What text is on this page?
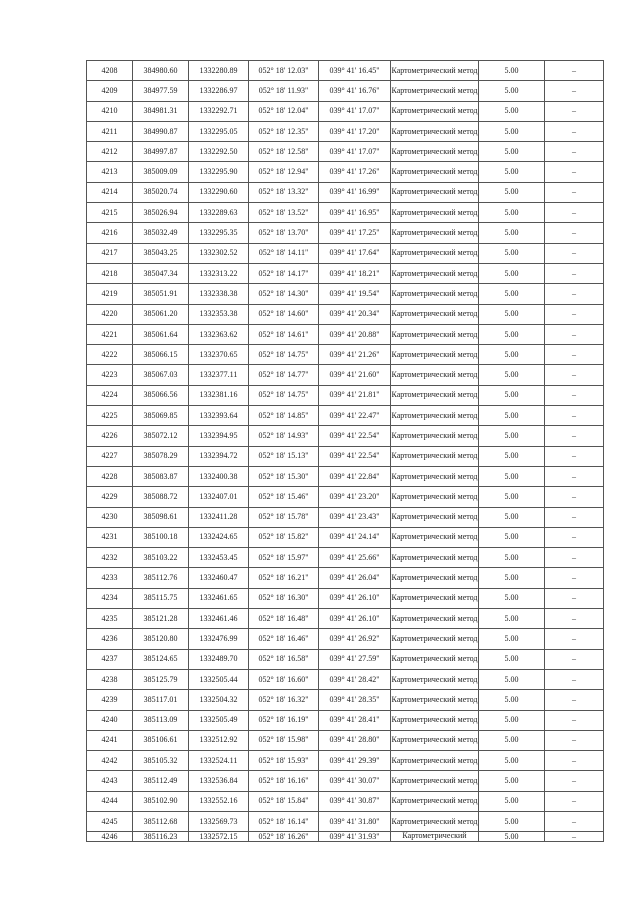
4208	384980.60	1332280.89	052° 18' 12.03"	039° 41' 16.45"	Картометрический метод	5.00	–
4209	384977.59	1332286.97	052° 18' 11.93"	039° 41' 16.76"	Картометрический метод	5.00	–
4210	384981.31	1332292.71	052° 18' 12.04"	039° 41' 17.07"	Картометрический метод	5.00	–
4211	384990.87	1332295.05	052° 18' 12.35"	039° 41' 17.20"	Картометрический метод	5.00	–
4212	384997.87	1332292.50	052° 18' 12.58"	039° 41' 17.07"	Картометрический метод	5.00	–
4213	385009.09	1332295.90	052° 18' 12.94"	039° 41' 17.26"	Картометрический метод	5.00	–
4214	385020.74	1332290.60	052° 18' 13.32"	039° 41' 16.99"	Картометрический метод	5.00	–
4215	385026.94	1332289.63	052° 18' 13.52"	039° 41' 16.95"	Картометрический метод	5.00	–
4216	385032.49	1332295.35	052° 18' 13.70"	039° 41' 17.25"	Картометрический метод	5.00	–
4217	385043.25	1332302.52	052° 18' 14.11"	039° 41' 17.64"	Картометрический метод	5.00	–
4218	385047.34	1332313.22	052° 18' 14.17"	039° 41' 18.21"	Картометрический метод	5.00	–
4219	385051.91	1332338.38	052° 18' 14.30"	039° 41' 19.54"	Картометрический метод	5.00	–
4220	385061.20	1332353.38	052° 18' 14.60"	039° 41' 20.34"	Картометрический метод	5.00	–
4221	385061.64	1332363.62	052° 18' 14.61"	039° 41' 20.88"	Картометрический метод	5.00	–
4222	385066.15	1332370.65	052° 18' 14.75"	039° 41' 21.26"	Картометрический метод	5.00	–
4223	385067.03	1332377.11	052° 18' 14.77"	039° 41' 21.60"	Картометрический метод	5.00	–
4224	385066.56	1332381.16	052° 18' 14.75"	039° 41' 21.81"	Картометрический метод	5.00	–
4225	385069.85	1332393.64	052° 18' 14.85"	039° 41' 22.47"	Картометрический метод	5.00	–
4226	385072.12	1332394.95	052° 18' 14.93"	039° 41' 22.54"	Картометрический метод	5.00	–
4227	385078.29	1332394.72	052° 18' 15.13"	039° 41' 22.54"	Картометрический метод	5.00	–
4228	385083.87	1332400.38	052° 18' 15.30"	039° 41' 22.84"	Картометрический метод	5.00	–
4229	385088.72	1332407.01	052° 18' 15.46"	039° 41' 23.20"	Картометрический метод	5.00	–
4230	385098.61	1332411.28	052° 18' 15.78"	039° 41' 23.43"	Картометрический метод	5.00	–
4231	385100.18	1332424.65	052° 18' 15.82"	039° 41' 24.14"	Картометрический метод	5.00	–
4232	385103.22	1332453.45	052° 18' 15.97"	039° 41' 25.66"	Картометрический метод	5.00	–
4233	385112.76	1332460.47	052° 18' 16.21"	039° 41' 26.04"	Картометрический метод	5.00	–
4234	385115.75	1332461.65	052° 18' 16.30"	039° 41' 26.10"	Картометрический метод	5.00	–
4235	385121.28	1332461.46	052° 18' 16.48"	039° 41' 26.10"	Картометрический метод	5.00	–
4236	385120.80	1332476.99	052° 18' 16.46"	039° 41' 26.92"	Картометрический метод	5.00	–
4237	385124.65	1332489.70	052° 18' 16.58"	039° 41' 27.59"	Картометрический метод	5.00	–
4238	385125.79	1332505.44	052° 18' 16.60"	039° 41' 28.42"	Картометрический метод	5.00	–
4239	385117.01	1332504.32	052° 18' 16.32"	039° 41' 28.35"	Картометрический метод	5.00	–
4240	385113.09	1332505.49	052° 18' 16.19"	039° 41' 28.41"	Картометрический метод	5.00	–
4241	385106.61	1332512.92	052° 18' 15.98"	039° 41' 28.80"	Картометрический метод	5.00	–
4242	385105.32	1332524.11	052° 18' 15.93"	039° 41' 29.39"	Картометрический метод	5.00	–
4243	385112.49	1332536.84	052° 18' 16.16"	039° 41' 30.07"	Картометрический метод	5.00	–
4244	385102.90	1332552.16	052° 18' 15.84"	039° 41' 30.87"	Картометрический метод	5.00	–
4245	385112.68	1332569.73	052° 18' 16.14"	039° 41' 31.80"	Картометрический метод	5.00	–
4246	385116.23	1332572.15	052° 18' 16.26"	039° 41' 31.93"	Картометрический	5.00	–
